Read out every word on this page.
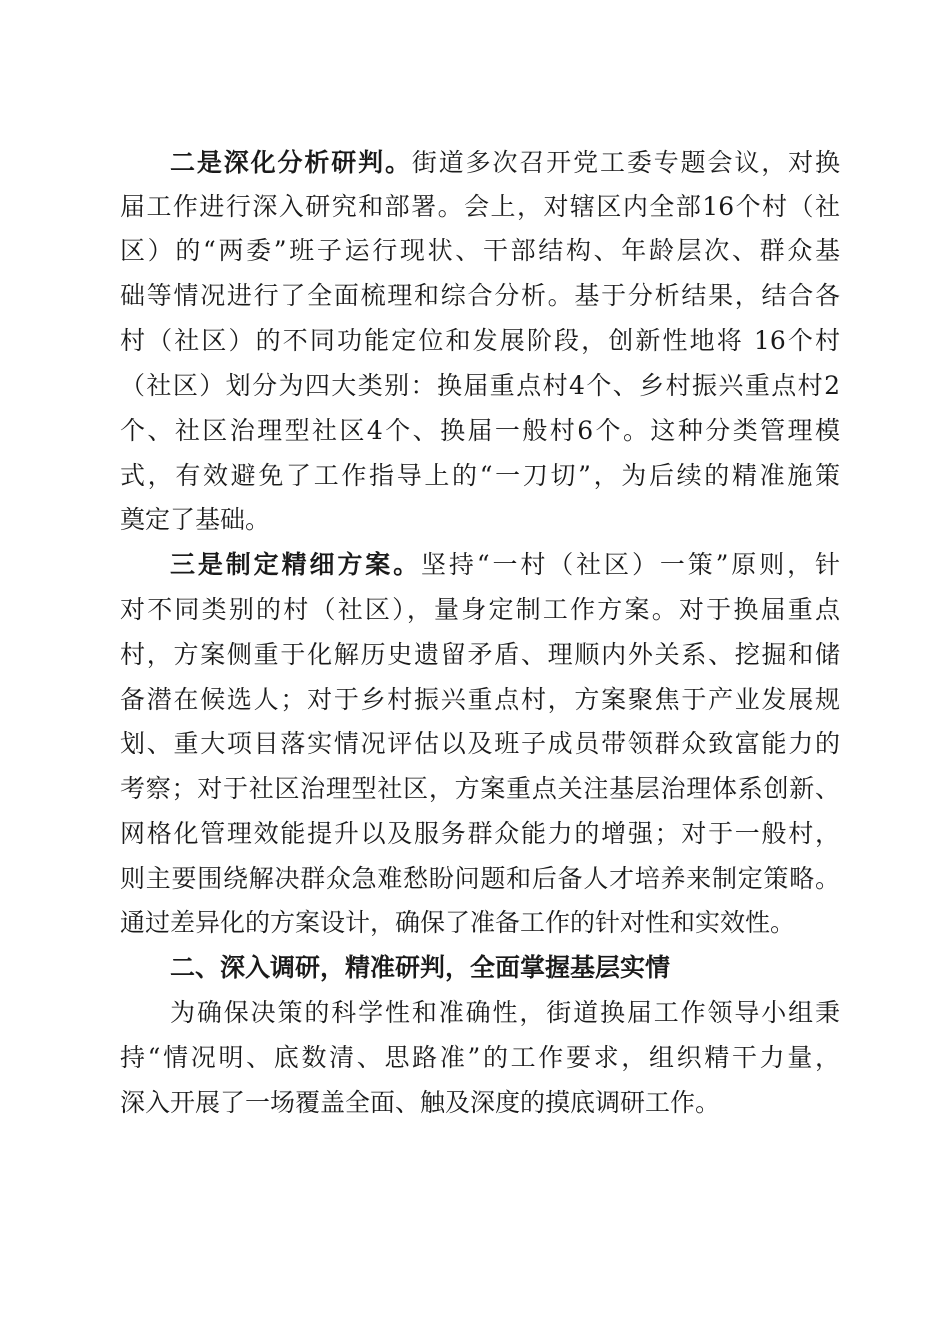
二是深化分析研判。街道多次召开党工委专题会议，对换
届工作进行深入研究和部署。会上，对辖区内全部16个村（社
区）的“两委”班子运行现状、干部结构、年龄层次、群众基
础等情况进行了全面梳理和综合分析。基于分析结果，结合各
村（社区）的不同功能定位和发展阶段，创新性地将 16个村
（社区）划分为四大类别：换届重点村4个、乡村振兴重点村2
个、社区治理型社区4个、换届一般村6个。这种分类管理模
式，有效避免了工作指导上的“一刀切”，为后续的精准施策
奠定了基础。
三是制定精细方案。坚持“一村（社区）一策”原则，针
对不同类别的村（社区），量身定制工作方案。对于换届重点
村，方案侧重于化解历史遗留矛盾、理顺内外关系、挖掘和储
备潜在候选人；对于乡村振兴重点村，方案聚焦于产业发展规
划、重大项目落实情况评估以及班子成员带领群众致富能力的
考察；对于社区治理型社区，方案重点关注基层治理体系创新、
网格化管理效能提升以及服务群众能力的增强；对于一般村，
则主要围绕解决群众急难愁盼问题和后备人才培养来制定策略。
通过差异化的方案设计，确保了准备工作的针对性和实效性。
二、深入调研，精准研判，全面掌握基层实情
为确保决策的科学性和准确性，街道换届工作领导小组秉
持“情况明、底数清、思路准”的工作要求，组织精干力量，
深入开展了一场覆盖全面、触及深度的摸底调研工作。
